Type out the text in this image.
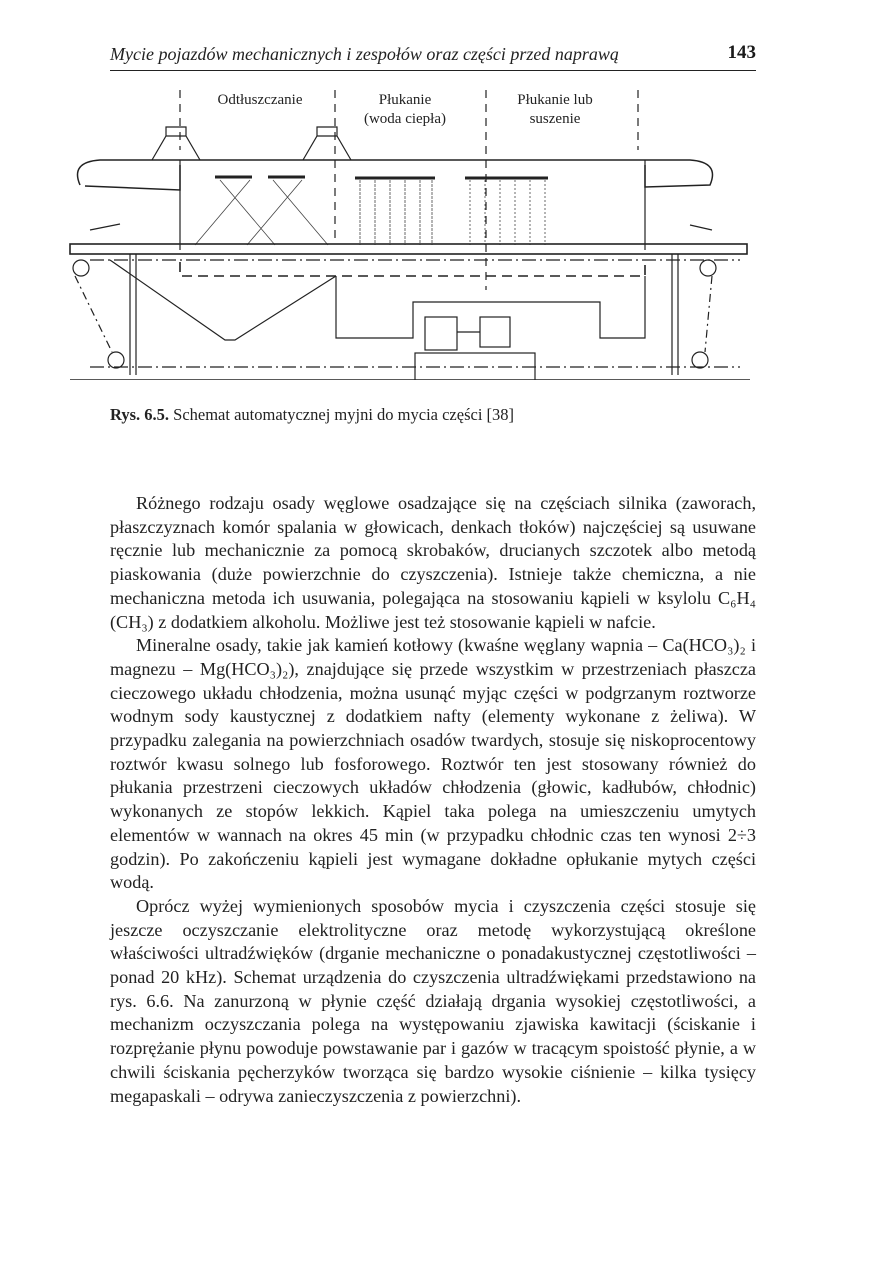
Mycie pojazdów mechanicznych i zespołów oraz części przed naprawą	143
Odtłuszczanie	Płukanie
(woda ciepła)
Płukanie lub
suszenie
Rys. 6.5. Schemat automatycznej myjni do mycia części [38]

Różnego rodzaju osady węglowe osadzające się na częściach silnika (zaworach, płaszczyznach komór spalania w głowicach, denkach tłoków) najczęściej są usuwane ręcznie lub mechanicznie za pomocą skrobaków, drucianych szczotek albo metodą piaskowania (duże powierzchnie do czyszczenia). Istnieje także chemiczna, a nie mechaniczna metoda ich usuwania, polegająca na stosowaniu kąpieli w ksylolu C₆H₄ (CH₃) z dodatkiem alkoholu. Możliwe jest też stosowanie kąpieli w nafcie.

Mineralne osady, takie jak kamień kotłowy (kwaśne węglany wapnia – Ca(HCO₃)₂ i magnezu – Mg(HCO₃)₂), znajdujące się przede wszystkim w przestrzeniach płaszcza cieczowego układu chłodzenia, można usunąć myjąc części w podgrzanym roztworze wodnym sody kaustycznej z dodatkiem nafty (elementy wykonane z żeliwa). W przypadku zalegania na powierzchniach osadów twardych, stosuje się niskoprocentowy roztwór kwasu solnego lub fosforowego. Roztwór ten jest stosowany również do płukania przestrzeni cieczowych układów chłodzenia (głowic, kadłubów, chłodnic) wykonanych ze stopów lekkich. Kąpiel taka polega na umieszczeniu umytych elementów w wannach na okres 45 min (w przypadku chłodnic czas ten wynosi 2÷3 godzin). Po zakończeniu kąpieli jest wymagane dokładne opłukanie mytych części wodą.

Oprócz wyżej wymienionych sposobów mycia i czyszczenia części stosuje się jeszcze oczyszczanie elektrolityczne oraz metodę wykorzystującą określone właściwości ultradźwięków (drganie mechaniczne o ponadakustycznej częstotliwości – ponad 20 kHz). Schemat urządzenia do czyszczenia ultradźwiękami przedstawiono na rys. 6.6. Na zanurzoną w płynie część działają drgania wysokiej częstotliwości, a mechanizm oczyszczania polega na występowaniu zjawiska kawitacji (ściskanie i rozprężanie płynu powoduje powstawanie par i gazów w tracącym spoistość płynie, a w chwili ściskania pęcherzyków tworząca się bardzo wysokie ciśnienie – kilka tysięcy megapaskali – odrywa zanieczyszczenia z powierzchni).
